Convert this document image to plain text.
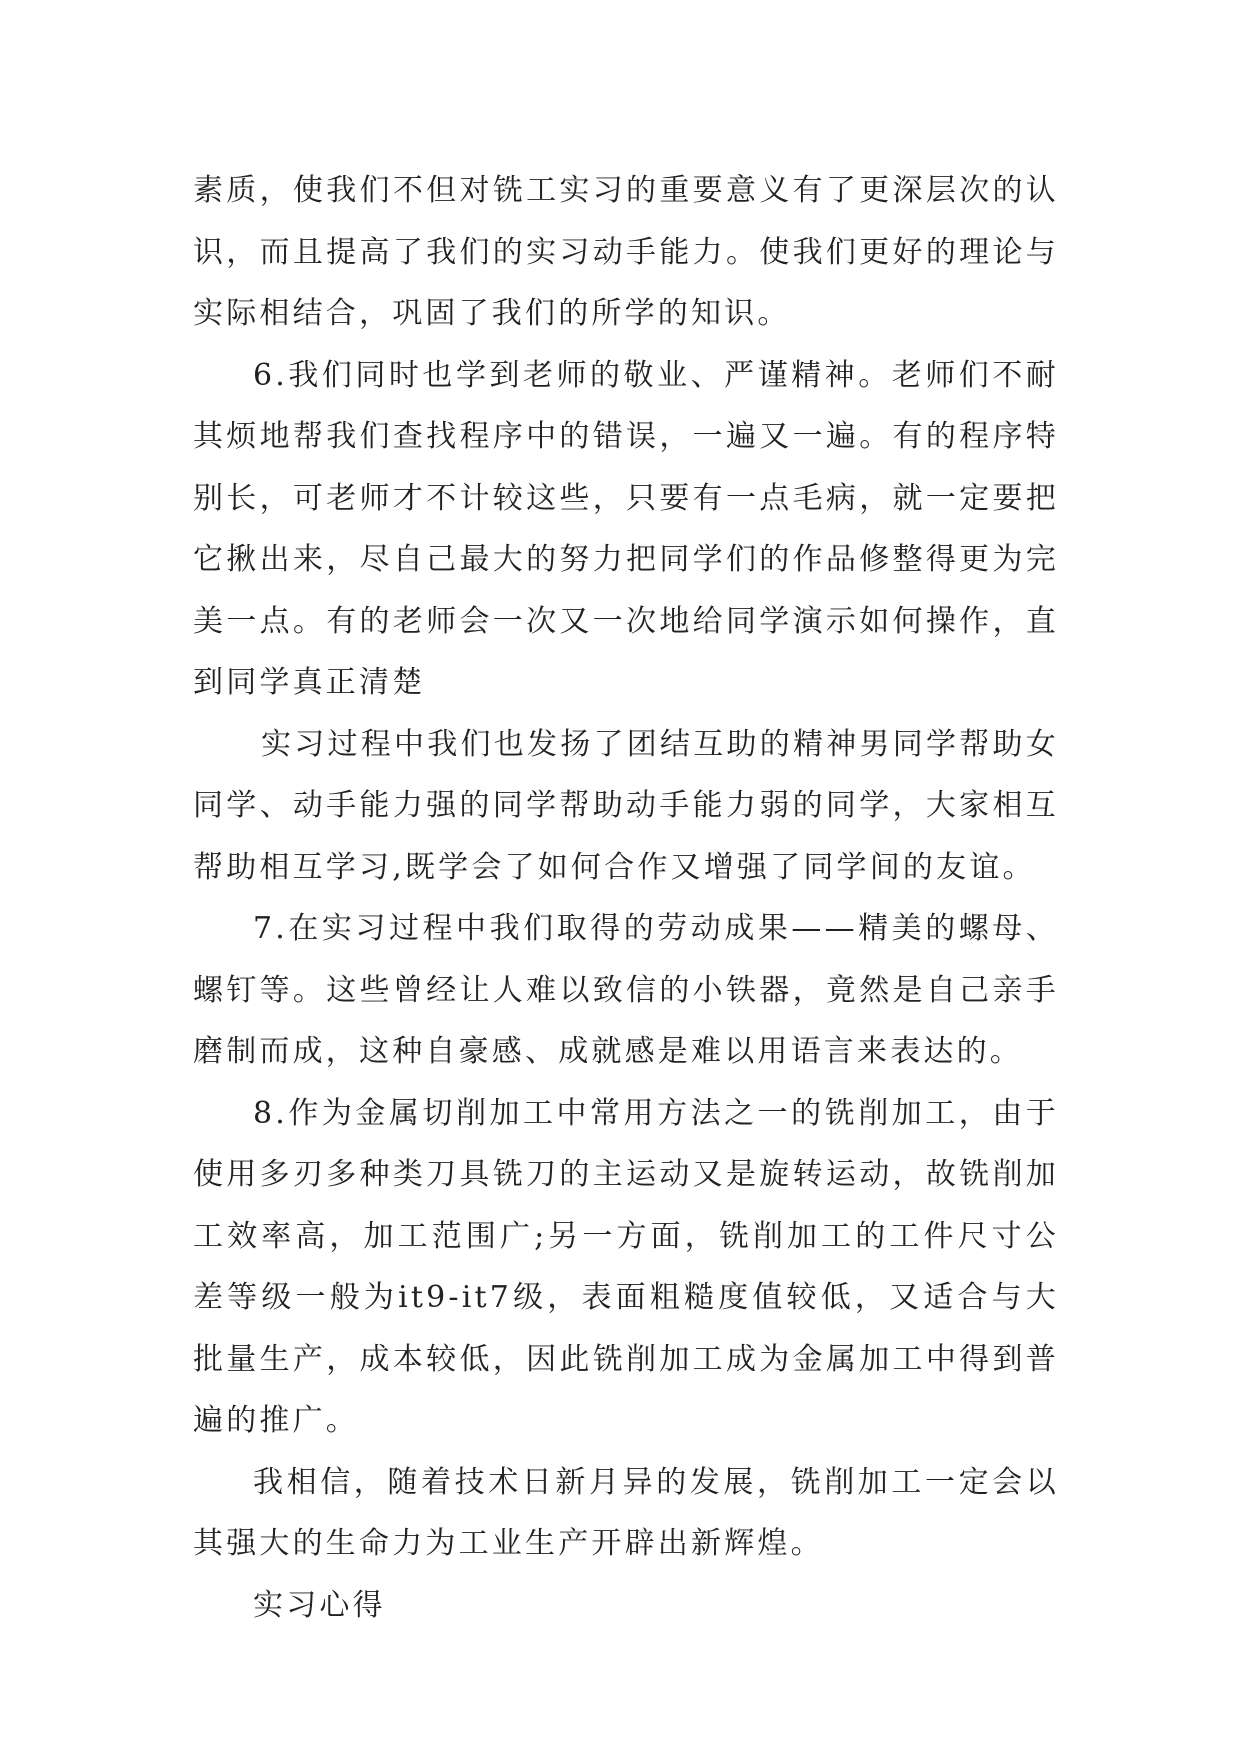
素质，使我们不但对铣工实习的重要意义有了更深层次的认识，而且提高了我们的实习动手能力。使我们更好的理论与实际相结合，巩固了我们的所学的知识。

6.我们同时也学到老师的敬业、严谨精神。老师们不耐其烦地帮我们查找程序中的错误，一遍又一遍。有的程序特别长，可老师才不计较这些，只要有一点毛病，就一定要把它揪出来，尽自己最大的努力把同学们的作品修整得更为完美一点。有的老师会一次又一次地给同学演示如何操作，直到同学真正清楚

实习过程中我们也发扬了团结互助的精神男同学帮助女同学、动手能力强的同学帮助动手能力弱的同学，大家相互帮助相互学习,既学会了如何合作又增强了同学间的友谊。

7.在实习过程中我们取得的劳动成果——精美的螺母、螺钉等。这些曾经让人难以致信的小铁器，竟然是自己亲手磨制而成，这种自豪感、成就感是难以用语言来表达的。

8.作为金属切削加工中常用方法之一的铣削加工，由于使用多刃多种类刀具铣刀的主运动又是旋转运动，故铣削加工效率高，加工范围广;另一方面，铣削加工的工件尺寸公差等级一般为it9-it7级，表面粗糙度值较低，又适合与大批量生产，成本较低，因此铣削加工成为金属加工中得到普遍的推广。

我相信，随着技术日新月异的发展，铣削加工一定会以其强大的生命力为工业生产开辟出新辉煌。

实习心得
